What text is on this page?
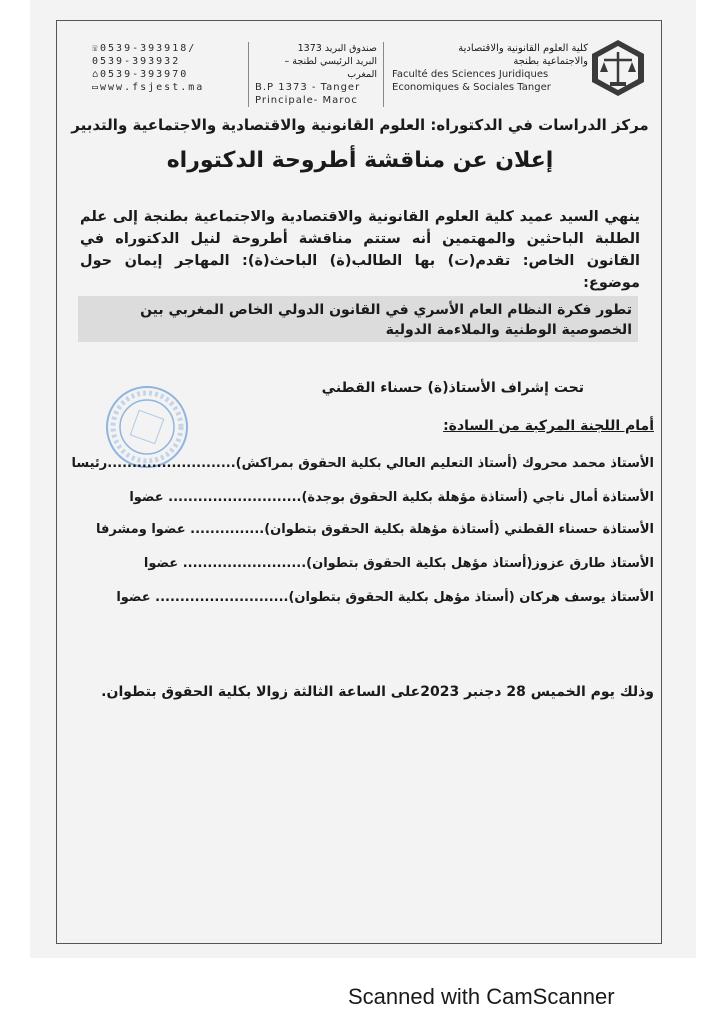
☏0539-393918/
0539-393932
⌂0539-393970
▭www.fsjest.ma
صندوق البريد 1373
البريد الرئيسي لطنجة – المغرب
B.P 1373 - Tanger
Principale- Maroc
كلية العلوم القانونية والاقتصادية
والاجتماعية بطنجة
Faculté des Sciences Juridiques
Economiques & Sociales Tanger
مركز الدراسات في الدكتوراه: العلوم القانونية والاقتصادية والاجتماعية والتدبير
إعلان عن مناقشة أطروحة الدكتوراه
ينهي السيد عميد كلية العلوم القانونية والاقتصادية والاجتماعية بطنجة إلى علم الطلبة الباحثين والمهتمين أنه ستتم مناقشة أطروحة لنيل الدكتوراه في القانون الخاص: تقدم(ت) بها الطالب(ة) الباحث(ة): المهاجر إيمان حول موضوع:
تطور فكرة النظام العام الأسري في القانون الدولي الخاص المغربي بين الخصوصية الوطنية والملاءمة الدولية
تحت إشراف الأستاذ(ة) حسناء القطني
أمام اللجنة المركبة من السادة:
الأستاذ محمد محروك (أستاذ التعليم العالي بكلية الحقوق بمراكش)..........................رئيسا
الأستاذة أمال ناجي (أستاذة مؤهلة بكلية الحقوق بوجدة)........................... عضوا
الأستاذة حسناء القطني (أستاذة مؤهلة بكلية الحقوق بتطوان)............... عضوا ومشرفا
الأستاذ طارق عزوز(أستاذ مؤهل بكلية الحقوق بتطوان)......................... عضوا
الأستاذ يوسف هركان (أستاذ مؤهل بكلية الحقوق بتطوان)........................... عضوا
وذلك يوم الخميس 28 دجنبر 2023على الساعة الثالثة زوالا بكلية الحقوق بتطوان.
Scanned with CamScanner
